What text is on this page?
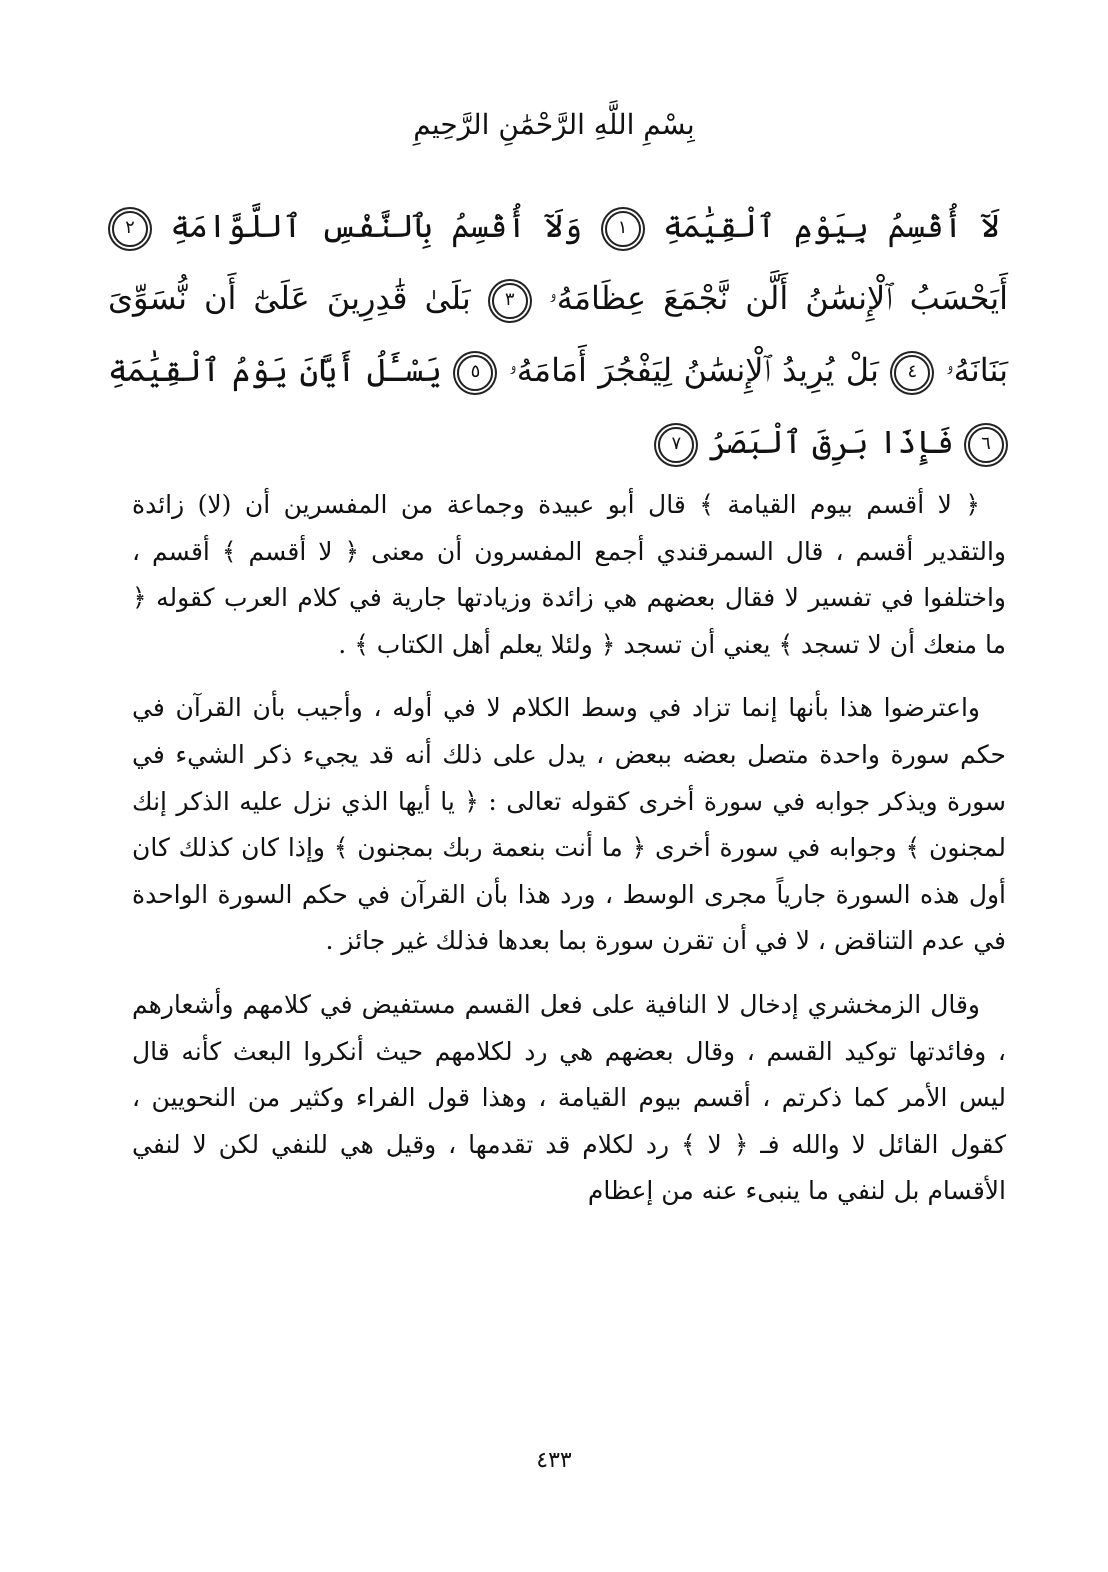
بِسْمِ اللَّهِ الرَّحْمَٰنِ الرَّحِيمِ
لَآ أُقْسِمُ بِيَوْمِ ٱلْقِيَٰمَةِ ١ وَلَآ أُقْسِمُ بِٱلنَّفْسِ ٱللَّوَّامَةِ ٢ أَيَحْسَبُ ٱلْإِنسَٰنُ أَلَّن نَّجْمَعَ عِظَامَهُۥ ٣ بَلَىٰ قَٰدِرِينَ عَلَىٰٓ أَن نُّسَوِّىَ بَنَانَهُۥ ٤ بَلْ يُرِيدُ ٱلْإِنسَٰنُ لِيَفْجُرَ أَمَامَهُۥ ٥ يَسْـَٔلُ أَيَّانَ يَوْمُ ٱلْقِيَٰمَةِ ٦ فَإِذَا بَرِقَ ٱلْبَصَرُ ٧

﴿ لا أقسم بيوم القيامة ﴾ قال أبو عبيدة وجماعة من المفسرين أن (لا) زائدة والتقدير أقسم ، قال السمرقندي أجمع المفسرون أن معنى ﴿ لا أقسم ﴾ أقسم ، واختلفوا في تفسير لا فقال بعضهم هي زائدة وزيادتها جارية في كلام العرب كقوله ﴿ ما منعك أن لا تسجد ﴾ يعني أن تسجد ﴿ ولئلا يعلم أهل الكتاب ﴾ .

واعترضوا هذا بأنها إنما تزاد في وسط الكلام لا في أوله ، وأجيب بأن القرآن في حكم سورة واحدة متصل بعضه ببعض ، يدل على ذلك أنه قد يجيء ذكر الشيء في سورة ويذكر جوابه في سورة أخرى كقوله تعالى : ﴿ يا أيها الذي نزل عليه الذكر إنك لمجنون ﴾ وجوابه في سورة أخرى ﴿ ما أنت بنعمة ربك بمجنون ﴾ وإذا كان كذلك كان أول هذه السورة جارياً مجرى الوسط ، ورد هذا بأن القرآن في حكم السورة الواحدة في عدم التناقض ، لا في أن تقرن سورة بما بعدها فذلك غير جائز .

وقال الزمخشري إدخال لا النافية على فعل القسم مستفيض في كلامهم وأشعارهم ، وفائدتها توكيد القسم ، وقال بعضهم هي رد لكلامهم حيث أنكروا البعث كأنه قال ليس الأمر كما ذكرتم ، أقسم بيوم القيامة ، وهذا قول الفراء وكثير من النحويين ، كقول القائل لا والله فـ ﴿ لا ﴾ رد لكلام قد تقدمها ، وقيل هي للنفي لكن لا لنفي الأقسام بل لنفي ما ينبىء عنه من إعظام

٤٣٣
